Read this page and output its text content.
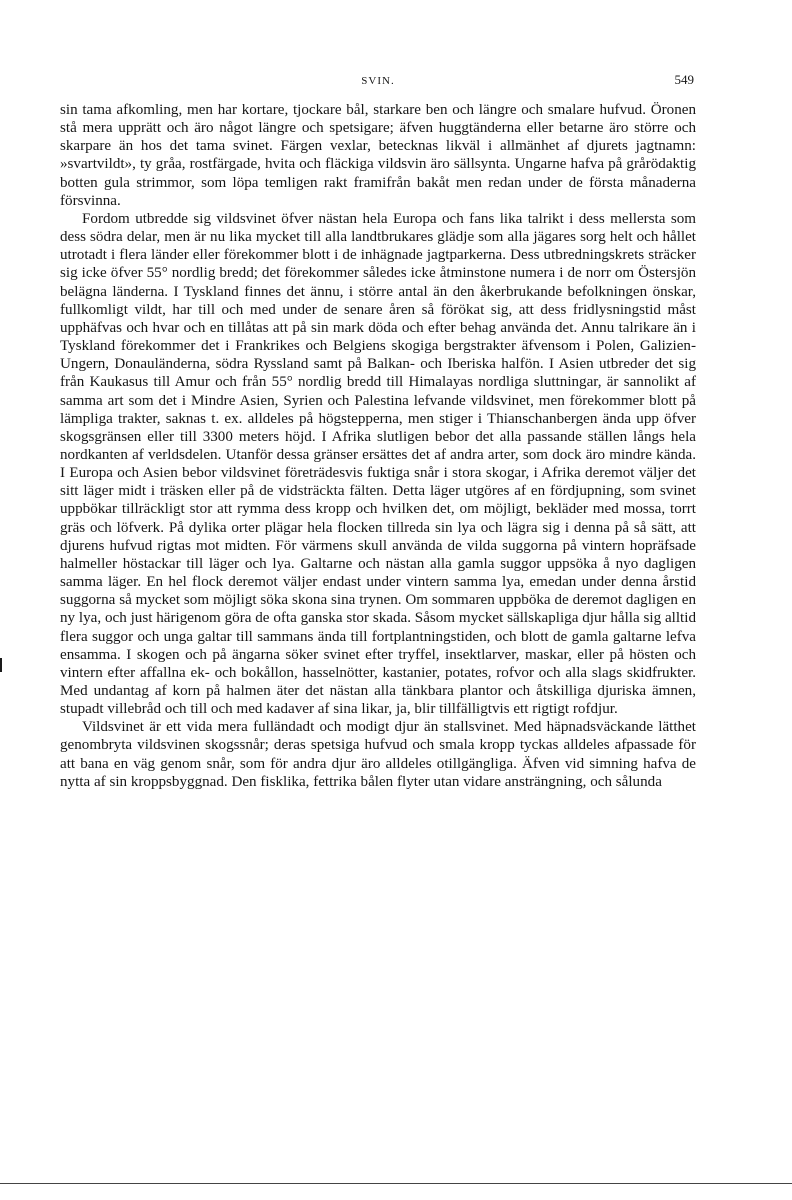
SVIN.	549

sin tama afkomling, men har kortare, tjockare bål, starkare ben och längre och smalare hufvud. Öronen stå mera upprätt och äro något längre och spetsigare; äfven huggtänderna eller betarne äro större och skarpare än hos det tama svinet. Färgen vexlar, betecknas likväl i allmänhet af djurets jagtnamn: »svartvildt», ty gråa, rostfärgade, hvita och fläckiga vildsvin äro sällsynta. Ungarne hafva på grårödaktig botten gula strimmor, som löpa temligen rakt framifrån bakåt men redan under de första månaderna försvinna.

Fordom utbredde sig vildsvinet öfver nästan hela Europa och fans lika talrikt i dess mellersta som dess södra delar, men är nu lika mycket till alla landtbrukares glädje som alla jägares sorg helt och hållet utrotadt i flera länder eller förekommer blott i de inhägnade jagtparkerna. Dess utbredningskrets sträcker sig icke öfver 55° nordlig bredd; det förekommer således icke åtminstone numera i de norr om Östersjön belägna länderna. I Tyskland finnes det ännu, i större antal än den åkerbrukande befolkningen önskar, fullkomligt vildt, har till och med under de senare åren så förökat sig, att dess fridlysningstid måst upphäfvas och hvar och en tillåtas att på sin mark döda och efter behag använda det. Annu talrikare än i Tyskland förekommer det i Frankrikes och Belgiens skogiga bergstrakter äfvensom i Polen, Galizien-Ungern, Donauländerna, södra Ryssland samt på Balkan- och Iberiska halfön. I Asien utbreder det sig från Kaukasus till Amur och från 55° nordlig bredd till Himalayas nordliga sluttningar, är sannolikt af samma art som det i Mindre Asien, Syrien och Palestina lefvande vildsvinet, men förekommer blott på lämpliga trakter, saknas t. ex. alldeles på högstepperna, men stiger i Thianschanbergen ända upp öfver skogsgränsen eller till 3300 meters höjd. I Afrika slutligen bebor det alla passande ställen långs hela nordkanten af verldsdelen. Utanför dessa gränser ersättes det af andra arter, som dock äro mindre kända. I Europa och Asien bebor vildsvinet företrädesvis fuktiga snår i stora skogar, i Afrika deremot väljer det sitt läger midt i träsken eller på de vidsträckta fälten. Detta läger utgöres af en fördjupning, som svinet uppbökar tillräckligt stor att rymma dess kropp och hvilken det, om möjligt, bekläder med mossa, torrt gräs och löfverk. På dylika orter plägar hela flocken tillreda sin lya och lägra sig i denna på så sätt, att djurens hufvud rigtas mot midten. För värmens skull använda de vilda suggorna på vintern hopräfsade halmeller höstackar till läger och lya. Galtarne och nästan alla gamla suggor uppsöka å nyo dagligen samma läger. En hel flock deremot väljer endast under vintern samma lya, emedan under denna årstid suggorna så mycket som möjligt söka skona sina trynen. Om sommaren uppböka de deremot dagligen en ny lya, och just härigenom göra de ofta ganska stor skada. Såsom mycket sällskapliga djur hålla sig alltid flera suggor och unga galtar till sammans ända till fortplantningstiden, och blott de gamla galtarne lefva ensamma. I skogen och på ängarna söker svinet efter tryffel, insektlarver, maskar, eller på hösten och vintern efter affallna ek- och bokållon, hasselnötter, kastanier, potates, rofvor och alla slags skidfrukter. Med undantag af korn på halmen äter det nästan alla tänkbara plantor och åtskilliga djuriska ämnen, stupadt villebråd och till och med kadaver af sina likar, ja, blir tillfälligtvis ett rigtigt rofdjur.

Vildsvinet är ett vida mera fulländadt och modigt djur än stallsvinet. Med häpnadsväckande lätthet genombryta vildsvinen skogssnår; deras spetsiga hufvud och smala kropp tyckas alldeles afpassade för att bana en väg genom snår, som för andra djur äro alldeles otillgängliga. Äfven vid simning hafva de nytta af sin kroppsbyggnad. Den fisklika, fettrika bålen flyter utan vidare ansträngning, och sålunda
